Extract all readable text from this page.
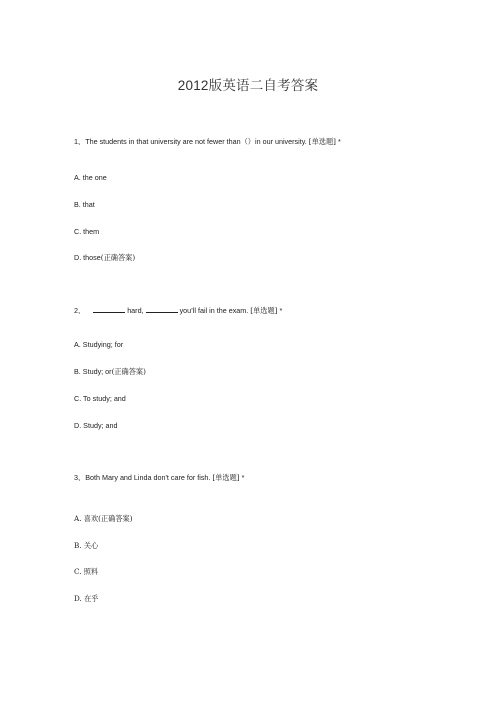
2012版英语二自考答案
1、The students in that university are not fewer than（）in our university. [单选题] *
A. the one
B. that
C. them
D. those(正确答案)
2、	hard,	you’ll fail in the exam. [单选题] *
A. Studying; for
B. Study; or(正确答案)
C. To study; and
D. Study; and
3、Both Mary and Linda don't care for fish. [单选题] *
A. 喜欢(正确答案)
B. 关心
C. 照料
D. 在乎
